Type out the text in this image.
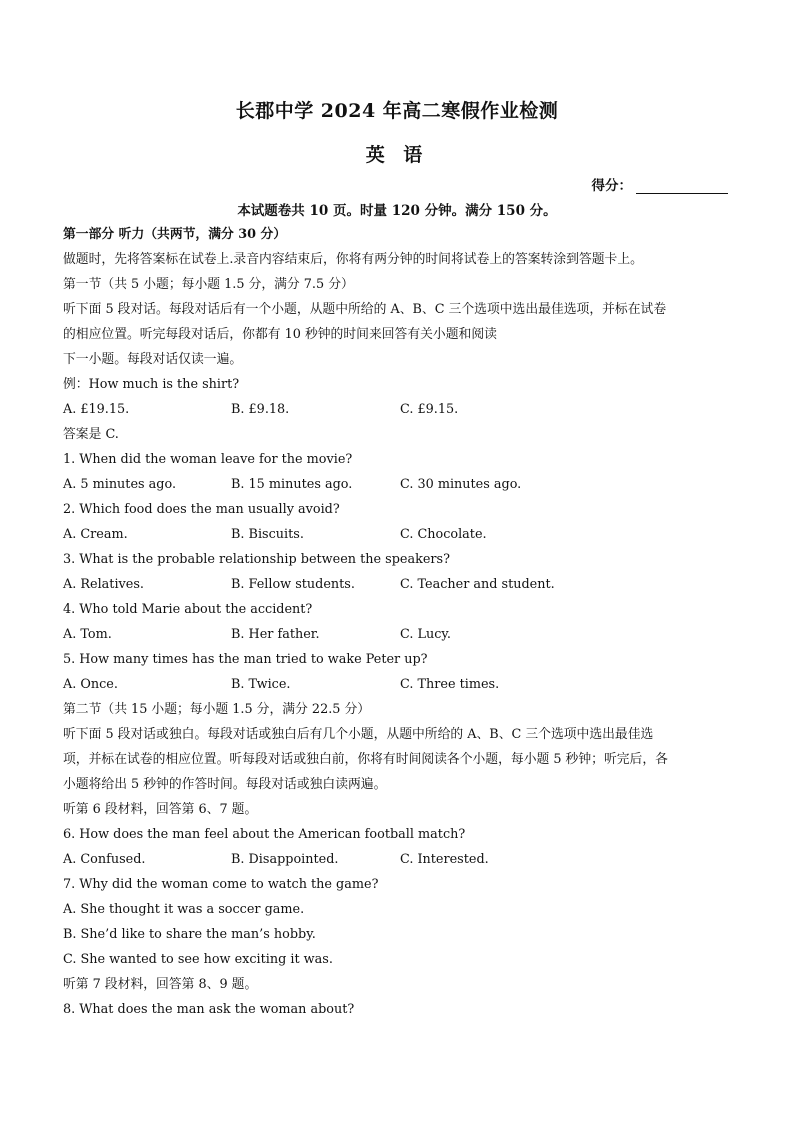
长郡中学 2024 年高二寒假作业检测
英 语
得分：
本试题卷共 10 页。时量 120 分钟。满分 150 分。
第一部分 听力（共两节，满分 30 分）
做题时，先将答案标在试卷上.录音内容结束后，你将有两分钟的时间将试卷上的答案转涂到答题卡上。
第一节（共 5 小题；每小题 1.5 分，满分 7.5 分）
听下面 5 段对话。每段对话后有一个小题，从题中所给的 A、B、C 三个选项中选出最佳选项，并标在试卷
的相应位置。听完每段对话后，你都有 10 秒钟的时间来回答有关小题和阅读
下一小题。每段对话仅读一遍。
例：How much is the shirt?
A. £19.15.	B. £9.18.	C. £9.15.
答案是 C.
1. When did the woman leave for the movie?
A. 5 minutes ago.	B. 15 minutes ago.	C. 30 minutes ago.
2. Which food does the man usually avoid?
A. Cream.	B. Biscuits.	C. Chocolate.
3. What is the probable relationship between the speakers?
A. Relatives.	B. Fellow students.	C. Teacher and student.
4. Who told Marie about the accident?
A. Tom.	B. Her father.	C. Lucy.
5. How many times has the man tried to wake Peter up?
A. Once.	B. Twice.	C. Three times.
第二节（共 15 小题；每小题 1.5 分，满分 22.5 分）
听下面 5 段对话或独白。每段对话或独白后有几个小题，从题中所给的 A、B、C 三个选项中选出最佳选
项，并标在试卷的相应位置。听每段对话或独白前，你将有时间阅读各个小题，每小题 5 秒钟；听完后，各
小题将给出 5 秒钟的作答时间。每段对话或独白读两遍。
听第 6 段材料，回答第 6、7 题。
6. How does the man feel about the American football match?
A. Confused.	B. Disappointed.	C. Interested.
7. Why did the woman come to watch the game?
A. She thought it was a soccer game.
B. She’d like to share the man’s hobby.
C. She wanted to see how exciting it was.
听第 7 段材料，回答第 8、9 题。
8. What does the man ask the woman about?
